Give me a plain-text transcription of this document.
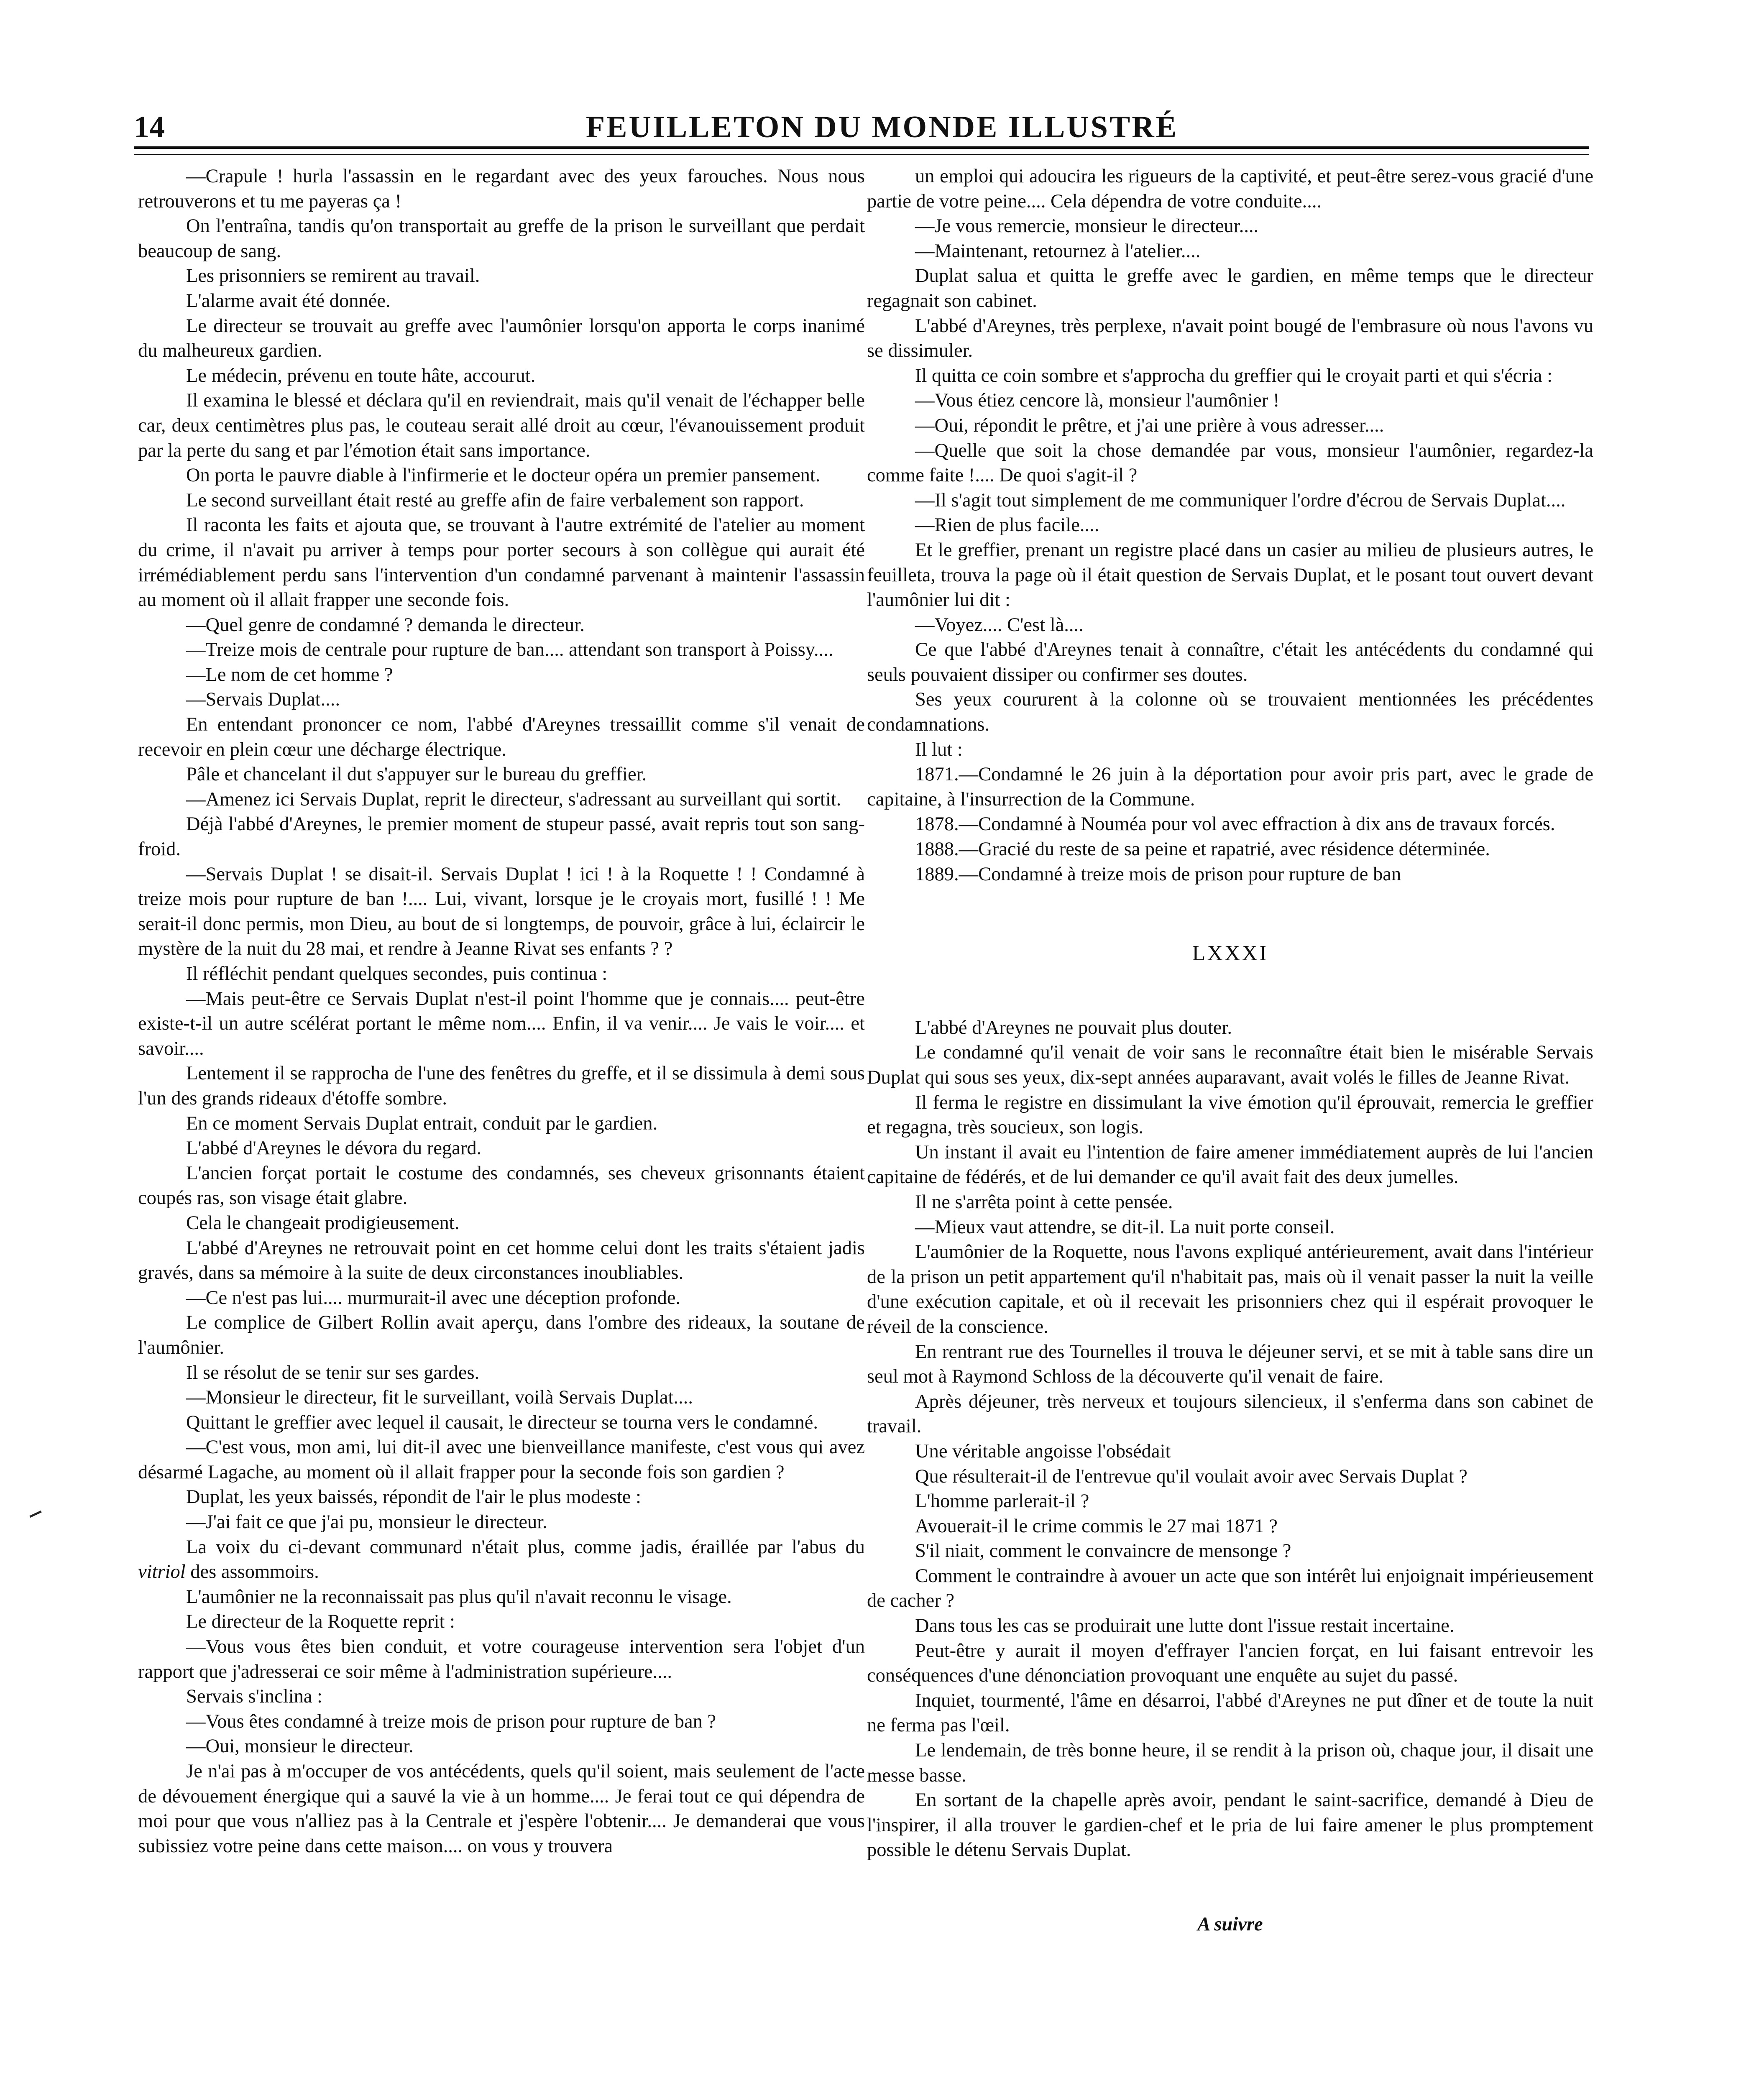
14	FEUILLETON DU MONDE ILLUSTRÉ

—Crapule ! hurla l'assassin en le regardant avec des yeux farouches. Nous nous retrouverons et tu me payeras ça !

On l'entraîna, tandis qu'on transportait au greffe de la prison le surveillant que perdait beaucoup de sang.

Les prisonniers se remirent au travail.

L'alarme avait été donnée.

Le directeur se trouvait au greffe avec l'aumônier lorsqu'on apporta le corps inanimé du malheureux gardien.

Le médecin, prévenu en toute hâte, accourut.

Il examina le blessé et déclara qu'il en reviendrait, mais qu'il venait de l'échapper belle car, deux centimètres plus pas, le couteau serait allé droit au cœur, l'évanouissement produit par la perte du sang et par l'émotion était sans importance.

On porta le pauvre diable à l'infirmerie et le docteur opéra un premier pansement.

Le second surveillant était resté au greffe afin de faire verbalement son rapport.

Il raconta les faits et ajouta que, se trouvant à l'autre extrémité de l'atelier au moment du crime, il n'avait pu arriver à temps pour porter secours à son collègue qui aurait été irrémédiablement perdu sans l'intervention d'un condamné parvenant à maintenir l'assassin au moment où il allait frapper une seconde fois.

—Quel genre de condamné ? demanda le directeur.

—Treize mois de centrale pour rupture de ban.... attendant son transport à Poissy....

—Le nom de cet homme ?

—Servais Duplat....

En entendant prononcer ce nom, l'abbé d'Areynes tressaillit comme s'il venait de recevoir en plein cœur une décharge électrique.

Pâle et chancelant il dut s'appuyer sur le bureau du greffier.

—Amenez ici Servais Duplat, reprit le directeur, s'adressant au surveillant qui sortit.

Déjà l'abbé d'Areynes, le premier moment de stupeur passé, avait repris tout son sang-froid.

—Servais Duplat ! se disait-il. Servais Duplat ! ici ! à la Roquette ! ! Condamné à treize mois pour rupture de ban !.... Lui, vivant, lorsque je le croyais mort, fusillé ! ! Me serait-il donc permis, mon Dieu, au bout de si longtemps, de pouvoir, grâce à lui, éclaircir le mystère de la nuit du 28 mai, et rendre à Jeanne Rivat ses enfants ? ?

Il réfléchit pendant quelques secondes, puis continua :

—Mais peut-être ce Servais Duplat n'est-il point l'homme que je connais.... peut-être existe-t-il un autre scélérat portant le même nom.... Enfin, il va venir.... Je vais le voir.... et savoir....

Lentement il se rapprocha de l'une des fenêtres du greffe, et il se dissimula à demi sous l'un des grands rideaux d'étoffe sombre.

En ce moment Servais Duplat entrait, conduit par le gardien.

L'abbé d'Areynes le dévora du regard.

L'ancien forçat portait le costume des condamnés, ses cheveux grisonnants étaient coupés ras, son visage était glabre.

Cela le changeait prodigieusement.

L'abbé d'Areynes ne retrouvait point en cet homme celui dont les traits s'étaient jadis gravés, dans sa mémoire à la suite de deux circonstances inoubliables.

—Ce n'est pas lui.... murmurait-il avec une déception profonde.

Le complice de Gilbert Rollin avait aperçu, dans l'ombre des rideaux, la soutane de l'aumônier.

Il se résolut de se tenir sur ses gardes.

—Monsieur le directeur, fit le surveillant, voilà Servais Duplat....

Quittant le greffier avec lequel il causait, le directeur se tourna vers le condamné.

—C'est vous, mon ami, lui dit-il avec une bienveillance manifeste, c'est vous qui avez désarmé Lagache, au moment où il allait frapper pour la seconde fois son gardien ?

Duplat, les yeux baissés, répondit de l'air le plus modeste :

—J'ai fait ce que j'ai pu, monsieur le directeur.

La voix du ci-devant communard n'était plus, comme jadis, éraillée par l'abus du vitriol des assommoirs.

L'aumônier ne la reconnaissait pas plus qu'il n'avait reconnu le visage.

Le directeur de la Roquette reprit :

—Vous vous êtes bien conduit, et votre courageuse intervention sera l'objet d'un rapport que j'adresserai ce soir même à l'administration supérieure....

Servais s'inclina :

—Vous êtes condamné à treize mois de prison pour rupture de ban ?

—Oui, monsieur le directeur.

Je n'ai pas à m'occuper de vos antécédents, quels qu'il soient, mais seulement de l'acte de dévouement énergique qui a sauvé la vie à un homme.... Je ferai tout ce qui dépendra de moi pour que vous n'alliez pas à la Centrale et j'espère l'obtenir.... Je demanderai que vous subissiez votre peine dans cette maison.... on vous y trouvera

un emploi qui adoucira les rigueurs de la captivité, et peut-être serez-vous gracié d'une partie de votre peine.... Cela dépendra de votre conduite....

—Je vous remercie, monsieur le directeur....

—Maintenant, retournez à l'atelier....

Duplat salua et quitta le greffe avec le gardien, en même temps que le directeur regagnait son cabinet.

L'abbé d'Areynes, très perplexe, n'avait point bougé de l'embrasure où nous l'avons vu se dissimuler.

Il quitta ce coin sombre et s'approcha du greffier qui le croyait parti et qui s'écria :

—Vous étiez cencore là, monsieur l'aumônier !

—Oui, répondit le prêtre, et j'ai une prière à vous adresser....

—Quelle que soit la chose demandée par vous, monsieur l'aumônier, regardez-la comme faite !.... De quoi s'agit-il ?

—Il s'agit tout simplement de me communiquer l'ordre d'écrou de Servais Duplat....

—Rien de plus facile....

Et le greffier, prenant un registre placé dans un casier au milieu de plusieurs autres, le feuilleta, trouva la page où il était question de Servais Duplat, et le posant tout ouvert devant l'aumônier lui dit :

—Voyez.... C'est là....

Ce que l'abbé d'Areynes tenait à connaître, c'était les antécédents du condamné qui seuls pouvaient dissiper ou confirmer ses doutes.

Ses yeux coururent à la colonne où se trouvaient mentionnées les précédentes condamnations.

Il lut :

1871.—Condamné le 26 juin à la déportation pour avoir pris part, avec le grade de capitaine, à l'insurrection de la Commune.

1878.—Condamné à Nouméa pour vol avec effraction à dix ans de travaux forcés.

1888.—Gracié du reste de sa peine et rapatrié, avec résidence déterminée.

1889.—Condamné à treize mois de prison pour rupture de ban

LXXXI

L'abbé d'Areynes ne pouvait plus douter.

Le condamné qu'il venait de voir sans le reconnaître était bien le misérable Servais Duplat qui sous ses yeux, dix-sept années auparavant, avait volés le filles de Jeanne Rivat.

Il ferma le registre en dissimulant la vive émotion qu'il éprouvait, remercia le greffier et regagna, très soucieux, son logis.

Un instant il avait eu l'intention de faire amener immédiatement auprès de lui l'ancien capitaine de fédérés, et de lui demander ce qu'il avait fait des deux jumelles.

Il ne s'arrêta point à cette pensée.

—Mieux vaut attendre, se dit-il. La nuit porte conseil.

L'aumônier de la Roquette, nous l'avons expliqué antérieurement, avait dans l'intérieur de la prison un petit appartement qu'il n'habitait pas, mais où il venait passer la nuit la veille d'une exécution capitale, et où il recevait les prisonniers chez qui il espérait provoquer le réveil de la conscience.

En rentrant rue des Tournelles il trouva le déjeuner servi, et se mit à table sans dire un seul mot à Raymond Schloss de la découverte qu'il venait de faire.

Après déjeuner, très nerveux et toujours silencieux, il s'enferma dans son cabinet de travail.

Une véritable angoisse l'obsédait

Que résulterait-il de l'entrevue qu'il voulait avoir avec Servais Duplat ?

L'homme parlerait-il ?

Avouerait-il le crime commis le 27 mai 1871 ?

S'il niait, comment le convaincre de mensonge ?

Comment le contraindre à avouer un acte que son intérêt lui enjoignait impérieusement de cacher ?

Dans tous les cas se produirait une lutte dont l'issue restait incertaine.

Peut-être y aurait il moyen d'effrayer l'ancien forçat, en lui faisant entrevoir les conséquences d'une dénonciation provoquant une enquête au sujet du passé.

Inquiet, tourmenté, l'âme en désarroi, l'abbé d'Areynes ne put dîner et de toute la nuit ne ferma pas l'œil.

Le lendemain, de très bonne heure, il se rendit à la prison où, chaque jour, il disait une messe basse.

En sortant de la chapelle après avoir, pendant le saint-sacrifice, demandé à Dieu de l'inspirer, il alla trouver le gardien-chef et le pria de lui faire amener le plus promptement possible le détenu Servais Duplat.

A suivre
